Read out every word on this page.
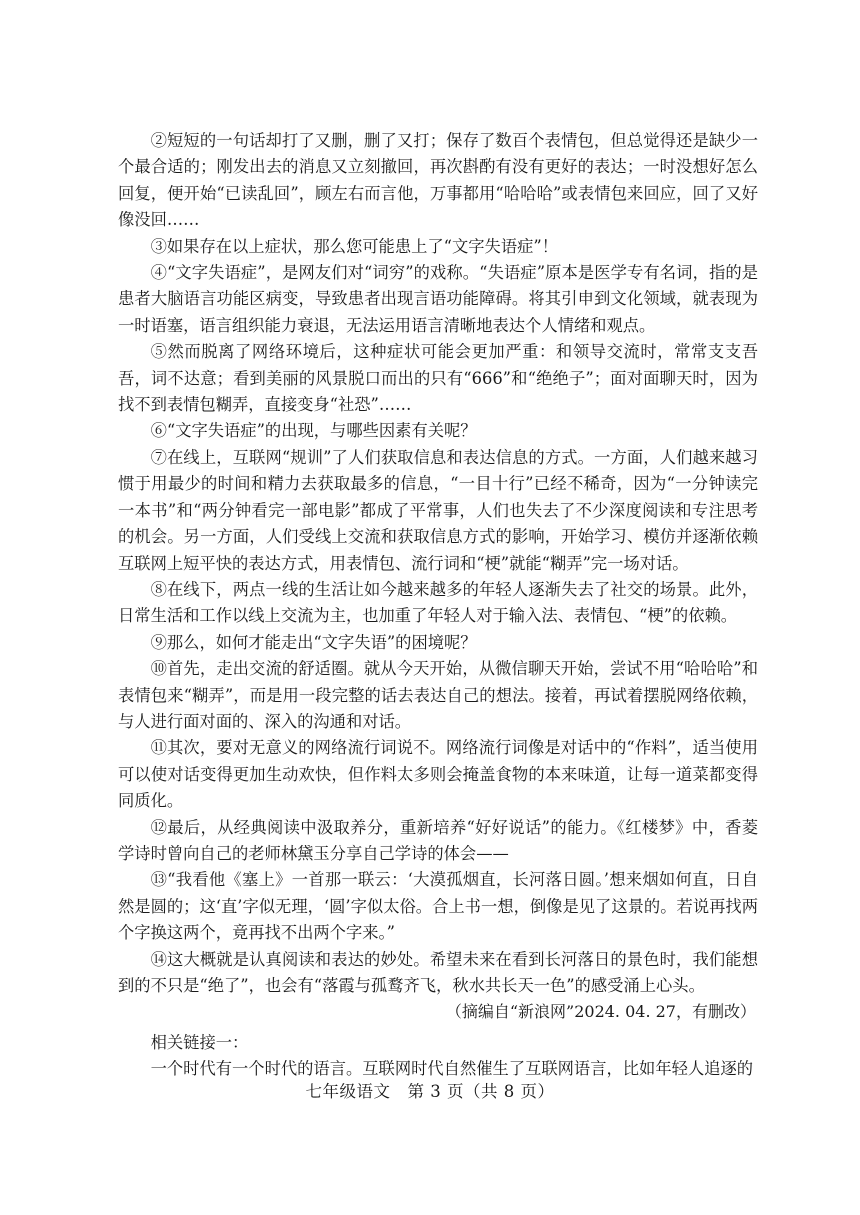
②短短的一句话却打了又删，删了又打；保存了数百个表情包，但总觉得还是缺少一个最合适的；刚发出去的消息又立刻撤回，再次斟酌有没有更好的表达；一时没想好怎么回复，便开始“已读乱回”，顾左右而言他，万事都用“哈哈哈”或表情包来回应，回了又好像没回……

③如果存在以上症状，那么您可能患上了“文字失语症”！

④“文字失语症”，是网友们对“词穷”的戏称。“失语症”原本是医学专有名词，指的是患者大脑语言功能区病变，导致患者出现言语功能障碍。将其引申到文化领域，就表现为一时语塞，语言组织能力衰退，无法运用语言清晰地表达个人情绪和观点。

⑤然而脱离了网络环境后，这种症状可能会更加严重：和领导交流时，常常支支吾吾，词不达意；看到美丽的风景脱口而出的只有“666”和“绝绝子”；面对面聊天时，因为找不到表情包糊弄，直接变身“社恐”……

⑥“文字失语症”的出现，与哪些因素有关呢？

⑦在线上，互联网“规训”了人们获取信息和表达信息的方式。一方面，人们越来越习惯于用最少的时间和精力去获取最多的信息，“一目十行”已经不稀奇，因为“一分钟读完一本书”和“两分钟看完一部电影”都成了平常事，人们也失去了不少深度阅读和专注思考的机会。另一方面，人们受线上交流和获取信息方式的影响，开始学习、模仿并逐渐依赖互联网上短平快的表达方式，用表情包、流行词和“梗”就能“糊弄”完一场对话。

⑧在线下，两点一线的生活让如今越来越多的年轻人逐渐失去了社交的场景。此外，日常生活和工作以线上交流为主，也加重了年轻人对于输入法、表情包、“梗”的依赖。

⑨那么，如何才能走出“文字失语”的困境呢？

⑩首先，走出交流的舒适圈。就从今天开始，从微信聊天开始，尝试不用“哈哈哈”和表情包来“糊弄”，而是用一段完整的话去表达自己的想法。接着，再试着摆脱网络依赖，与人进行面对面的、深入的沟通和对话。

⑪其次，要对无意义的网络流行词说不。网络流行词像是对话中的“作料”，适当使用可以使对话变得更加生动欢快，但作料太多则会掩盖食物的本来味道，让每一道菜都变得同质化。

⑫最后，从经典阅读中汲取养分，重新培养“好好说话”的能力。《红楼梦》中，香菱学诗时曾向自己的老师林黛玉分享自己学诗的体会——

⑬“我看他《塞上》一首那一联云：‘大漠孤烟直，长河落日圆。’想来烟如何直，日自然是圆的；这‘直’字似无理，‘圆’字似太俗。合上书一想，倒像是见了这景的。若说再找两个字换这两个，竟再找不出两个字来。”

⑭这大概就是认真阅读和表达的妙处。希望未来在看到长河落日的景色时，我们能想到的不只是“绝了”，也会有“落霞与孤鹜齐飞，秋水共长天一色”的感受涌上心头。

（摘编自“新浪网”2024. 04. 27，有删改）

相关链接一：

一个时代有一个时代的语言。互联网时代自然催生了互联网语言，比如年轻人追逐的

七年级语文　第 3 页（共 8 页）
